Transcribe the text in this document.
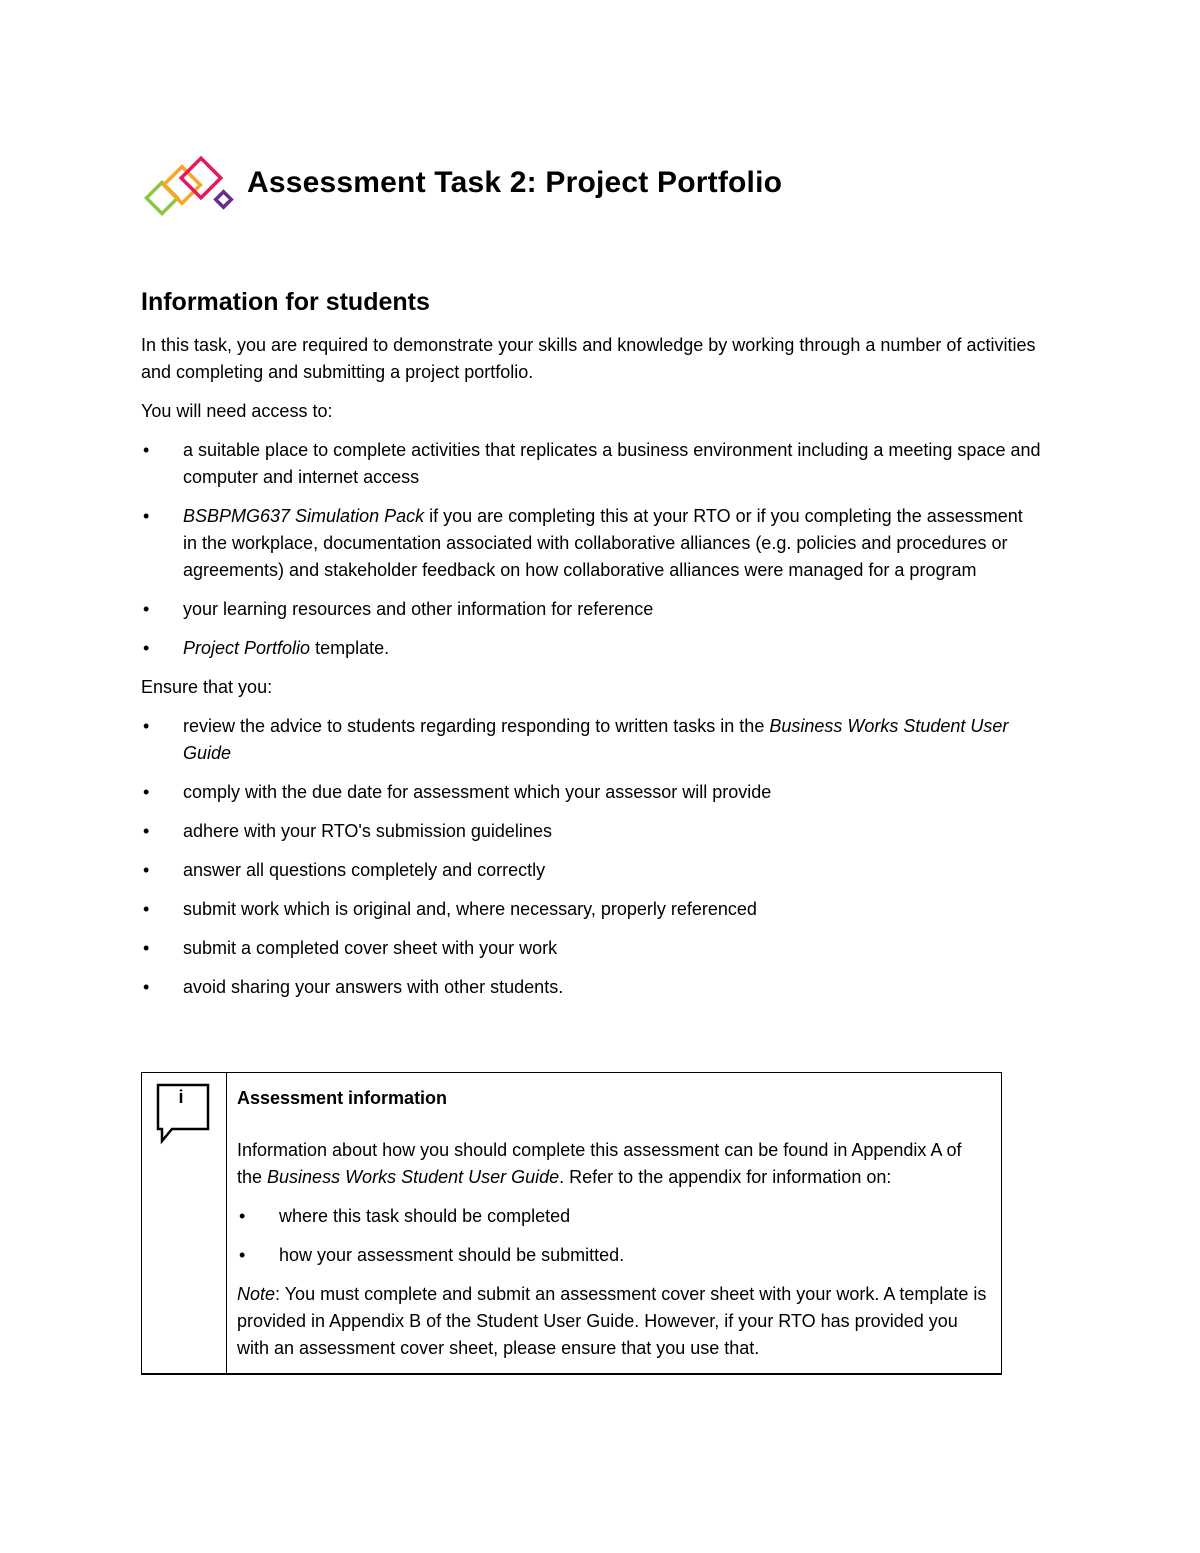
Assessment Task 2: Project Portfolio
Information for students

In this task, you are required to demonstrate your skills and knowledge by working through a number of activities and completing and submitting a project portfolio.

You will need access to:

• a suitable place to complete activities that replicates a business environment including a meeting space and computer and internet access
• BSBPMG637 Simulation Pack if you are completing this at your RTO or if you completing the assessment in the workplace, documentation associated with collaborative alliances (e.g. policies and procedures or agreements) and stakeholder feedback on how collaborative alliances were managed for a program
• your learning resources and other information for reference
• Project Portfolio template.

Ensure that you:

• review the advice to students regarding responding to written tasks in the Business Works Student User Guide
• comply with the due date for assessment which your assessor will provide
• adhere with your RTO's submission guidelines
• answer all questions completely and correctly
• submit work which is original and, where necessary, properly referenced
• submit a completed cover sheet with your work
• avoid sharing your answers with other students.
i	Assessment information

Information about how you should complete this assessment can be found in Appendix A of the Business Works Student User Guide. Refer to the appendix for information on:

• where this task should be completed
• how your assessment should be submitted.

Note: You must complete and submit an assessment cover sheet with your work. A template is provided in Appendix B of the Student User Guide. However, if your RTO has provided you with an assessment cover sheet, please ensure that you use that.
